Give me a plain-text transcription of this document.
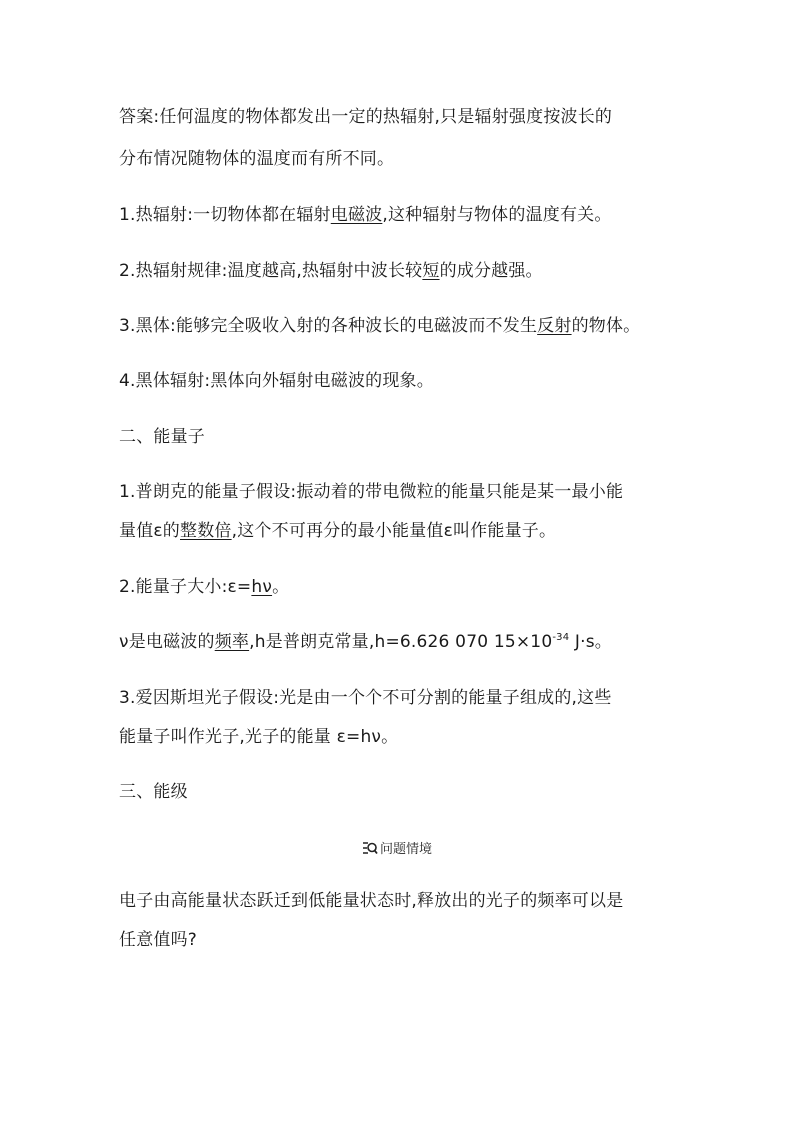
答案:任何温度的物体都发出一定的热辐射,只是辐射强度按波长的
分布情况随物体的温度而有所不同。
1.热辐射:一切物体都在辐射电磁波,这种辐射与物体的温度有关。
2.热辐射规律:温度越高,热辐射中波长较短的成分越强。
3.黑体:能够完全吸收入射的各种波长的电磁波而不发生反射的物体。
4.黑体辐射:黑体向外辐射电磁波的现象。
二、能量子
1.普朗克的能量子假设:振动着的带电微粒的能量只能是某一最小能
量值ε的整数倍,这个不可再分的最小能量值ε叫作能量子。
2.能量子大小:ε=hν。
ν是电磁波的频率,h是普朗克常量,h=6.626 070 $15\times 10^{-34}$ J·s。
3.爱因斯坦光子假设:光是由一个个不可分割的能量子组成的,这些
能量子叫作光子,光子的能量 ε=hν。
三、能级
问题情境
电子由高能量状态跃迁到低能量状态时,释放出的光子的频率可以是
任意值吗?
